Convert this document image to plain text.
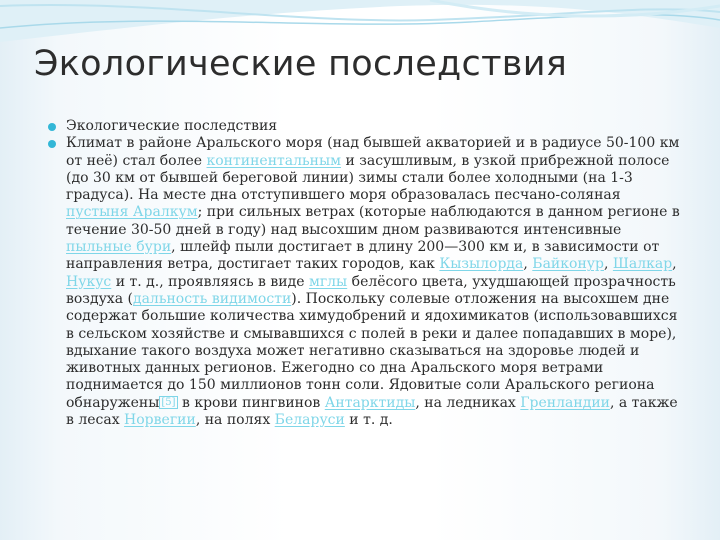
Экологические последствия
Экологические последствия
Климат в районе Аральского моря (над бывшей акваторией и в радиусе 50-100 км от неё) стал более континентальным и засушливым, в узкой прибрежной полосе (до 30 км от бывшей береговой линии) зимы стали более холодными (на 1-3 градуса). На месте дна отступившего моря образовалась песчано-соляная пустыня Аралкум; при сильных ветрах (которые наблюдаются в данном регионе в течение 30-50 дней в году) над высохшим дном развиваются интенсивные пыльные бури, шлейф пыли достигает в длину 200—300 км и, в зависимости от направления ветра, достигает таких городов, как Кызылорда, Байконур, Шалкар, Нукус и т. д., проявляясь в виде мглы белёсого цвета, ухудшающей прозрачность воздуха (дальность видимости). Поскольку солевые отложения на высохшем дне содержат большие количества химудобрений и ядохимикатов (использовавшихся в сельском хозяйстве и смывавшихся с полей в реки и далее попадавших в море), вдыхание такого воздуха может негативно сказываться на здоровье людей и животных данных регионов. Ежегодно со дна Аральского моря ветрами поднимается до 150 миллионов тонн соли. Ядовитые соли Аральского региона обнаружены [5] в крови пингвинов Антарктиды, на ледниках Гренландии, а также в лесах Норвегии, на полях Беларуси и т. д.
